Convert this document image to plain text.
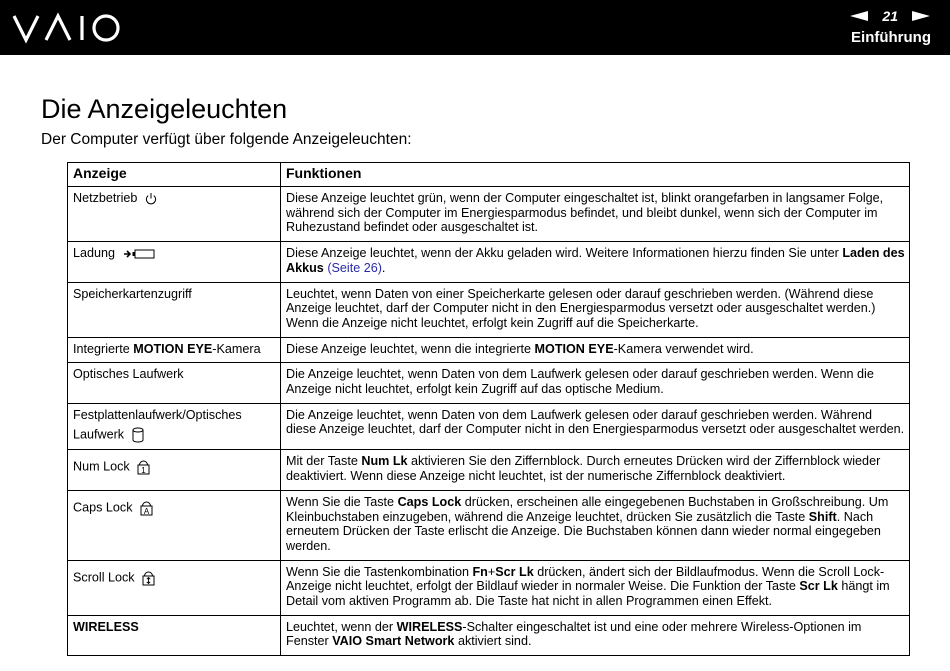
VAIO	21
Einführung
Die Anzeigeleuchten

Der Computer verfügt über folgende Anzeigeleuchten:

Anzeige	Funktionen
Netzbetrieb	Diese Anzeige leuchtet grün, wenn der Computer eingeschaltet ist, blinkt orangefarben in langsamer Folge, während sich der Computer im Energiesparmodus befindet, und bleibt dunkel, wenn sich der Computer im Ruhezustand befindet oder ausgeschaltet ist.
Ladung	Diese Anzeige leuchtet, wenn der Akku geladen wird. Weitere Informationen hierzu finden Sie unter Laden des Akkus (Seite 26).
Speicherkartenzugriff	Leuchtet, wenn Daten von einer Speicherkarte gelesen oder darauf geschrieben werden. (Während diese Anzeige leuchtet, darf der Computer nicht in den Energiesparmodus versetzt oder ausgeschaltet werden.) Wenn die Anzeige nicht leuchtet, erfolgt kein Zugriff auf die Speicherkarte.
Integrierte MOTION EYE-Kamera	Diese Anzeige leuchtet, wenn die integrierte MOTION EYE-Kamera verwendet wird.
Optisches Laufwerk	Die Anzeige leuchtet, wenn Daten von dem Laufwerk gelesen oder darauf geschrieben werden. Wenn die Anzeige nicht leuchtet, erfolgt kein Zugriff auf das optische Medium.

Festplattenlaufwerk/Optisches
Laufwerk	Die Anzeige leuchtet, wenn Daten von dem Laufwerk gelesen oder darauf geschrieben werden. Während diese Anzeige leuchtet, darf der Computer nicht in den Energiesparmodus versetzt oder ausgeschaltet werden.
Num Lock 1	Mit der Taste Num Lk aktivieren Sie den Ziffernblock. Durch erneutes Drücken wird der Ziffernblock wieder deaktiviert. Wenn diese Anzeige nicht leuchtet, ist der numerische Ziffernblock deaktiviert.
Caps Lock A	Wenn Sie die Taste Caps Lock drücken, erscheinen alle eingegebenen Buchstaben in Großschreibung. Um Kleinbuchstaben einzugeben, während die Anzeige leuchtet, drücken Sie zusätzlich die Taste Shift. Nach erneutem Drücken der Taste erlischt die Anzeige. Die Buchstaben können dann wieder normal eingegeben werden.
Scroll Lock	Wenn Sie die Tastenkombination Fn+Scr Lk drücken, ändert sich der Bildlaufmodus. Wenn die Scroll Lock-Anzeige nicht leuchtet, erfolgt der Bildlauf wieder in normaler Weise. Die Funktion der Taste Scr Lk hängt im Detail vom aktiven Programm ab. Die Taste hat nicht in allen Programmen einen Effekt.
WIRELESS	Leuchtet, wenn der WIRELESS-Schalter eingeschaltet ist und eine oder mehrere Wireless-Optionen im Fenster VAIO Smart Network aktiviert sind.
